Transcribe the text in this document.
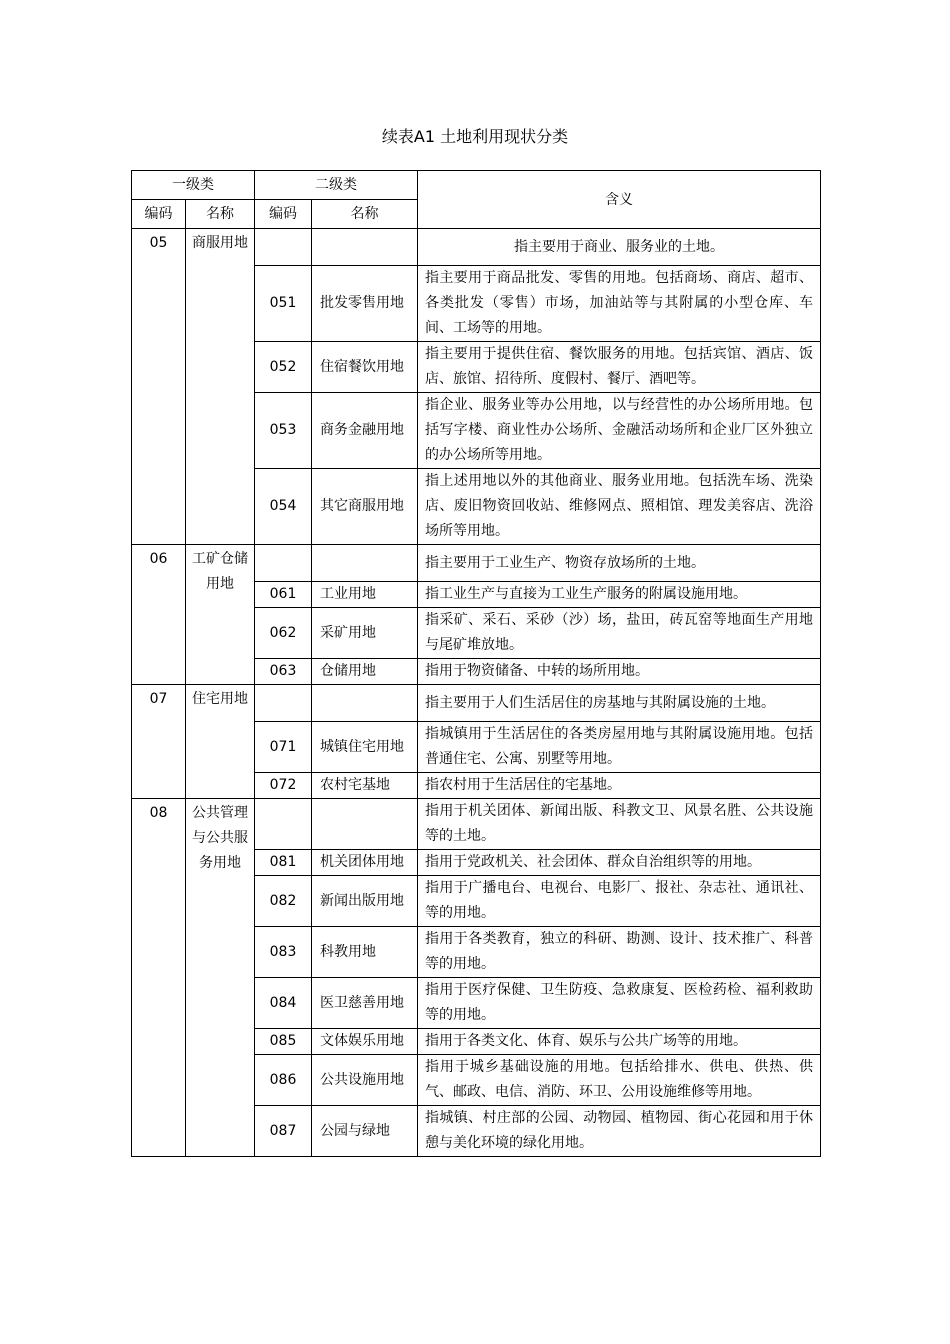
续表A1 土地利用现状分类
一级类		二级类		含义
编码	名称	编码	名称	
05	商服用地			指主要用于商业、服务业的土地。
		051	批发零售用地	指主要用于商品批发、零售的用地。包括商场、商店、超市、各类批发（零售）市场，加油站等与其附属的小型仓库、车间、工场等的用地。
		052	住宿餐饮用地	指主要用于提供住宿、餐饮服务的用地。包括宾馆、酒店、饭店、旅馆、招待所、度假村、餐厅、酒吧等。
		053	商务金融用地	指企业、服务业等办公用地，以与经营性的办公场所用地。包括写字楼、商业性办公场所、金融活动场所和企业厂区外独立的办公场所等用地。
		054	其它商服用地	指上述用地以外的其他商业、服务业用地。包括洗车场、洗染店、废旧物资回收站、维修网点、照相馆、理发美容店、洗浴场所等用地。
06	工矿仓储用地			指主要用于工业生产、物资存放场所的土地。
		061	工业用地	指工业生产与直接为工业生产服务的附属设施用地。
		062	采矿用地	指采矿、采石、采砂（沙）场，盐田，砖瓦窑等地面生产用地与尾矿堆放地。
		063	仓储用地	指用于物资储备、中转的场所用地。
07	住宅用地			指主要用于人们生活居住的房基地与其附属设施的土地。
		071	城镇住宅用地	指城镇用于生活居住的各类房屋用地与其附属设施用地。包括普通住宅、公寓、别墅等用地。
		072	农村宅基地	指农村用于生活居住的宅基地。
08	公共管理与公共服务用地			指用于机关团体、新闻出版、科教文卫、风景名胜、公共设施等的土地。
		081	机关团体用地	指用于党政机关、社会团体、群众自治组织等的用地。
		082	新闻出版用地	指用于广播电台、电视台、电影厂、报社、杂志社、通讯社、等的用地。
		083	科教用地	指用于各类教育，独立的科研、勘测、设计、技术推广、科普等的用地。
		084	医卫慈善用地	指用于医疗保健、卫生防疫、急救康复、医检药检、福利救助等的用地。
		085	文体娱乐用地	指用于各类文化、体育、娱乐与公共广场等的用地。
		086	公共设施用地	指用于城乡基础设施的用地。包括给排水、供电、供热、供气、邮政、电信、消防、环卫、公用设施维修等用地。
		087	公园与绿地	指城镇、村庄部的公园、动物园、植物园、街心花园和用于休憩与美化环境的绿化用地。
